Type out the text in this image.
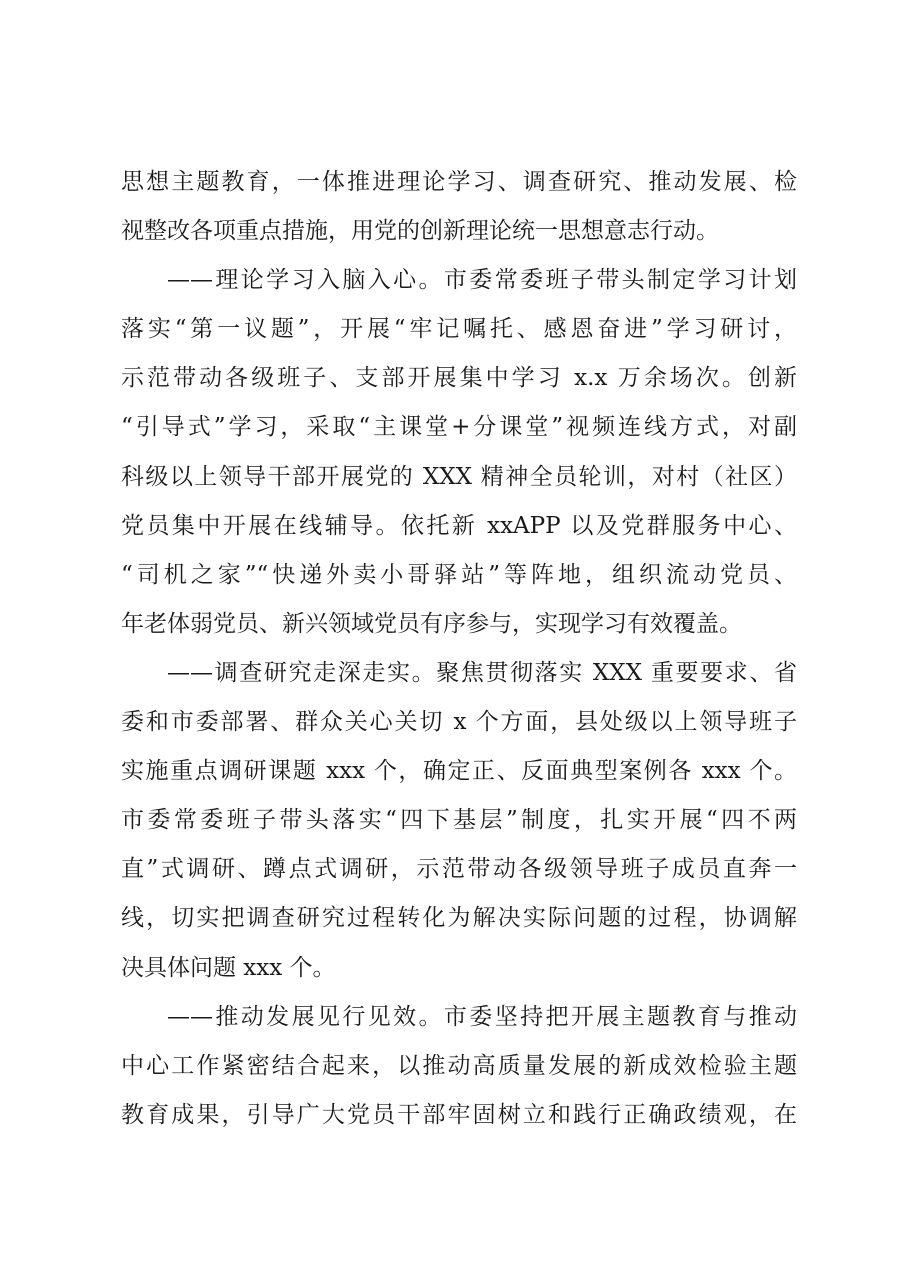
思想主题教育，一体推进理论学习、调查研究、推动发展、检
视整改各项重点措施，用党的创新理论统一思想意志行动。

——理论学习入脑入心。市委常委班子带头制定学习计划
落实“第一议题”，开展“牢记嘱托、感恩奋进”学习研讨，
示范带动各级班子、支部开展集中学习 x.x 万余场次。创新
“引导式”学习，采取“主课堂+分课堂”视频连线方式，对副
科级以上领导干部开展党的 XXX 精神全员轮训，对村（社区）
党员集中开展在线辅导。依托新 xxAPP 以及党群服务中心、
“司机之家”“快递外卖小哥驿站”等阵地，组织流动党员、
年老体弱党员、新兴领域党员有序参与，实现学习有效覆盖。

——调查研究走深走实。聚焦贯彻落实 XXX 重要要求、省
委和市委部署、群众关心关切 x 个方面，县处级以上领导班子
实施重点调研课题 xxx 个，确定正、反面典型案例各 xxx 个。
市委常委班子带头落实“四下基层”制度，扎实开展“四不两
直”式调研、蹲点式调研，示范带动各级领导班子成员直奔一
线，切实把调查研究过程转化为解决实际问题的过程，协调解
决具体问题 xxx 个。

——推动发展见行见效。市委坚持把开展主题教育与推动
中心工作紧密结合起来，以推动高质量发展的新成效检验主题
教育成果，引导广大党员干部牢固树立和践行正确政绩观，在
